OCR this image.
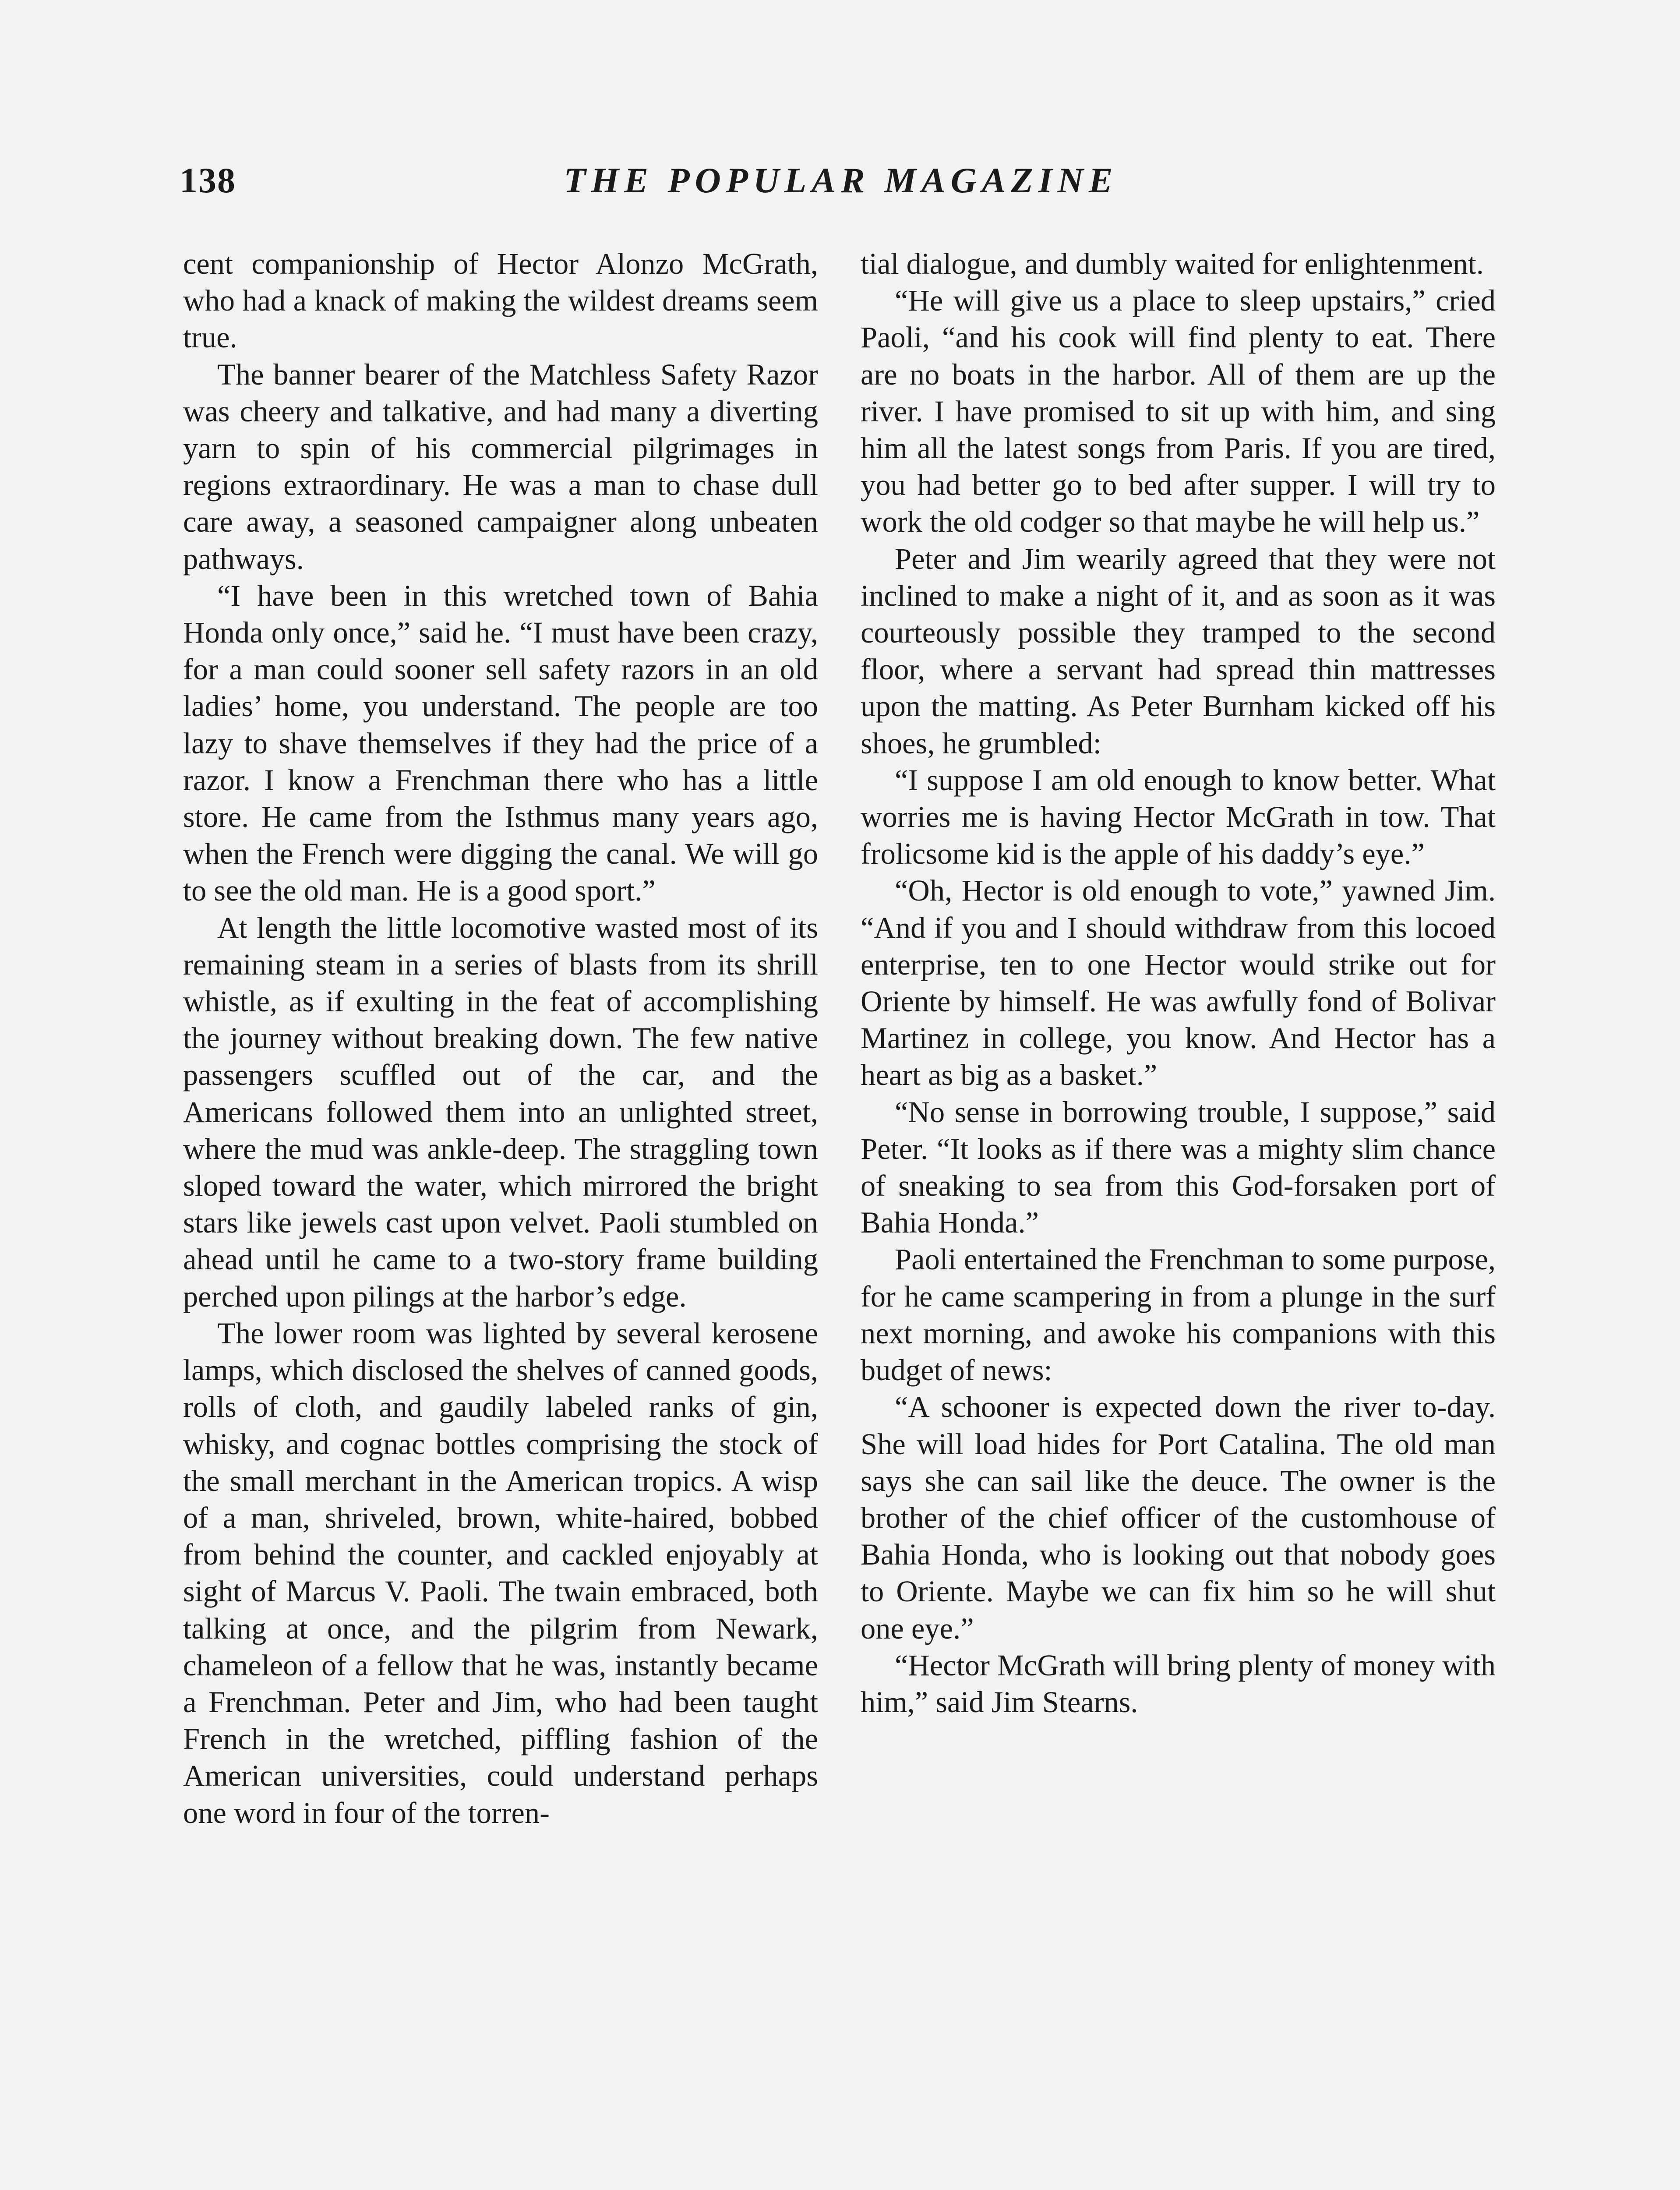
138	THE POPULAR MAGAZINE

cent companionship of Hector Alonzo McGrath, who had a knack of making the wildest dreams seem true.

The banner bearer of the Matchless Safety Razor was cheery and talkative, and had many a diverting yarn to spin of his commercial pilgrimages in regions extraordinary. He was a man to chase dull care away, a seasoned campaigner along unbeaten pathways.

“I have been in this wretched town of Bahia Honda only once,” said he. “I must have been crazy, for a man could sooner sell safety razors in an old ladies’ home, you understand. The people are too lazy to shave themselves if they had the price of a razor. I know a Frenchman there who has a little store. He came from the Isthmus many years ago, when the French were digging the canal. We will go to see the old man. He is a good sport.”

At length the little locomotive wasted most of its remaining steam in a series of blasts from its shrill whistle, as if exulting in the feat of accomplishing the journey without breaking down. The few native passengers scuffled out of the car, and the Americans followed them into an unlighted street, where the mud was ankle-deep. The straggling town sloped toward the water, which mirrored the bright stars like jewels cast upon velvet. Paoli stumbled on ahead until he came to a two-story frame building perched upon pilings at the harbor’s edge.

The lower room was lighted by several kerosene lamps, which disclosed the shelves of canned goods, rolls of cloth, and gaudily labeled ranks of gin, whisky, and cognac bottles comprising the stock of the small merchant in the American tropics. A wisp of a man, shriveled, brown, white-haired, bobbed from behind the counter, and cackled enjoyably at sight of Marcus V. Paoli. The twain embraced, both talking at once, and the pilgrim from Newark, chameleon of a fellow that he was, instantly became a Frenchman. Peter and Jim, who had been taught French in the wretched, piffling fashion of the American universities, could understand perhaps one word in four of the torren-

tial dialogue, and dumbly waited for enlightenment.

“He will give us a place to sleep upstairs,” cried Paoli, “and his cook will find plenty to eat. There are no boats in the harbor. All of them are up the river. I have promised to sit up with him, and sing him all the latest songs from Paris. If you are tired, you had better go to bed after supper. I will try to work the old codger so that maybe he will help us.”

Peter and Jim wearily agreed that they were not inclined to make a night of it, and as soon as it was courteously possible they tramped to the second floor, where a servant had spread thin mattresses upon the matting. As Peter Burnham kicked off his shoes, he grumbled:

“I suppose I am old enough to know better. What worries me is having Hector McGrath in tow. That frolicsome kid is the apple of his daddy’s eye.”

“Oh, Hector is old enough to vote,” yawned Jim. “And if you and I should withdraw from this locoed enterprise, ten to one Hector would strike out for Oriente by himself. He was awfully fond of Bolivar Martinez in college, you know. And Hector has a heart as big as a basket.”

“No sense in borrowing trouble, I suppose,” said Peter. “It looks as if there was a mighty slim chance of sneaking to sea from this God-forsaken port of Bahia Honda.”

Paoli entertained the Frenchman to some purpose, for he came scampering in from a plunge in the surf next morning, and awoke his companions with this budget of news:

“A schooner is expected down the river to-day. She will load hides for Port Catalina. The old man says she can sail like the deuce. The owner is the brother of the chief officer of the customhouse of Bahia Honda, who is looking out that nobody goes to Oriente. Maybe we can fix him so he will shut one eye.”

“Hector McGrath will bring plenty of money with him,” said Jim Stearns.
